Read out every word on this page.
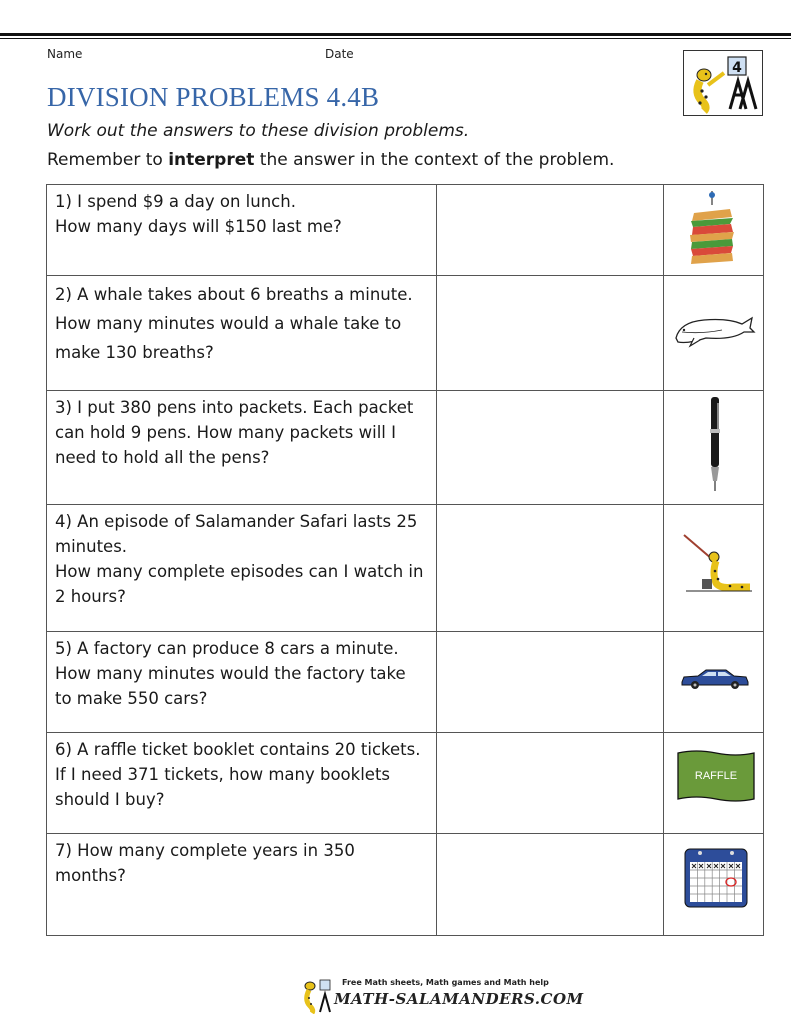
Name	Date
4
DIVISION PROBLEMS 4.4B
Work out the answers to these division problems.
Remember to interpret the answer in the context of the problem.
1) I spend $9 a day on lunch.
How many days will $150 last me?
2) A whale takes about 6 breaths a minute.
How many minutes would a whale take to
make 130 breaths?
3) I put 380 pens into packets. Each packet
can hold 9 pens. How many packets will I
need to hold all the pens?
4) An episode of Salamander Safari lasts 25
minutes.
How many complete episodes can I watch in
2 hours?
5) A factory can produce 8 cars a minute.
How many minutes would the factory take
to make 550 cars?
6) A raffle ticket booklet contains 20 tickets.
If I need 371 tickets, how many booklets
should I buy?
RAFFLE
7) How many complete years in 350
months?
Free Math sheets, Math games and Math help
MATH-SALAMANDERS.COM
